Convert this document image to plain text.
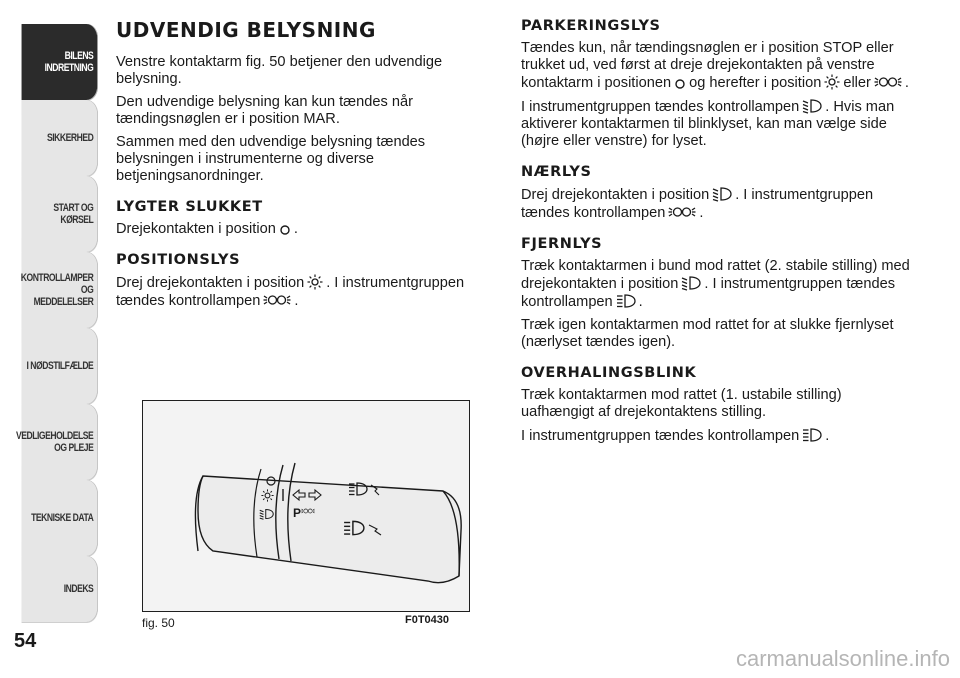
BILENS
INDRETNING
SIKKERHED
START OG KØRSEL
KONTROLLAMPER
OG MEDDELELSER
I NØDSTILFÆLDE
VEDLIGEHOLDELSE
OG PLEJE
TEKNISKE DATA
INDEKS
54
UDVENDIG BELYSNING

Venstre kontaktarm fig. 50 betjener den udvendige belysning.

Den udvendige belysning kan kun tændes når tændingsnøglen er i position MAR.

Sammen med den udvendige belysning tændes belysningen i instrumenterne og diverse betjeningsanordninger.

LYGTER SLUKKET

Drejekontakten i position .

POSITIONSLYS

Drej drejekontakten i position . I instrumentgruppen tændes kontrollampen .

P
fig. 50	F0T0430
PARKERINGSLYS

Tændes kun, når tændingsnøglen er i position STOP eller trukket ud, ved først at dreje drejekontakten på venstre kontaktarm i positionen og herefter i position eller .

I instrumentgruppen tændes kontrollampen . Hvis man aktiverer kontaktarmen til blinklyset, kan man vælge side (højre eller venstre) for lyset.

NÆRLYS

Drej drejekontakten i position . I instrumentgruppen tændes kontrollampen .

FJERNLYS

Træk kontaktarmen i bund mod rattet (2. stabile stilling) med drejekontakten i position . I instrumentgruppen tændes kontrollampen .

Træk igen kontaktarmen mod rattet for at slukke fjernlyset (nærlyset tændes igen).

OVERHALINGSBLINK

Træk kontaktarmen mod rattet (1. ustabile stilling) uafhængigt af drejekontaktens stilling.

I instrumentgruppen tændes kontrollampen .

carmanualsonline.info
